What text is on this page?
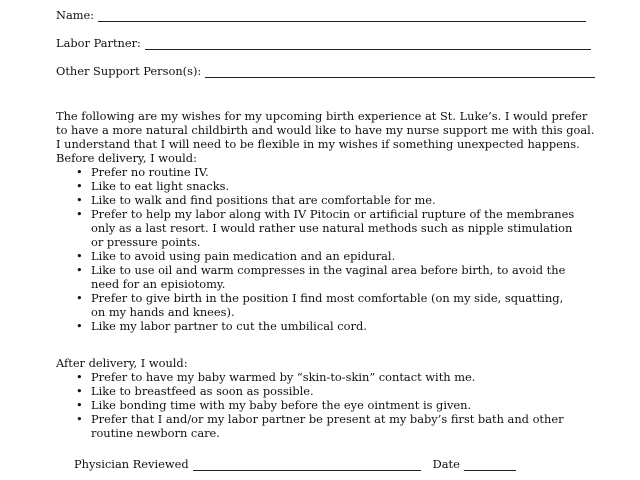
Name:
Labor Partner:
Other Support Person(s):

The following are my wishes for my upcoming birth experience at St. Luke’s. I would prefer

to have a more natural childbirth and would like to have my nurse support me with this goal.

I understand that I will need to be flexible in my wishes if something unexpected happens.

Before delivery, I would:

• Prefer no routine IV.
• Like to eat light snacks.
• Like to walk and find positions that are comfortable for me.
• Prefer to help my labor along with IV Pitocin or artificial rupture of the membranes only as a last resort. I would rather use natural methods such as nipple stimulation or pressure points.
• Like to avoid using pain medication and an epidural.
• Like to use oil and warm compresses in the vaginal area before birth, to avoid the need for an episiotomy.
• Prefer to give birth in the position I find most comfortable (on my side, squatting, on my hands and knees).
• Like my labor partner to cut the umbilical cord.
After delivery, I would:
• Prefer to have my baby warmed by “skin-to-skin” contact with me.
• Like to breastfeed as soon as possible.
• Like bonding time with my baby before the eye ointment is given.
• Prefer that I and/or my labor partner be present at my baby’s first bath and other routine newborn care.
Physician Reviewed	Date
